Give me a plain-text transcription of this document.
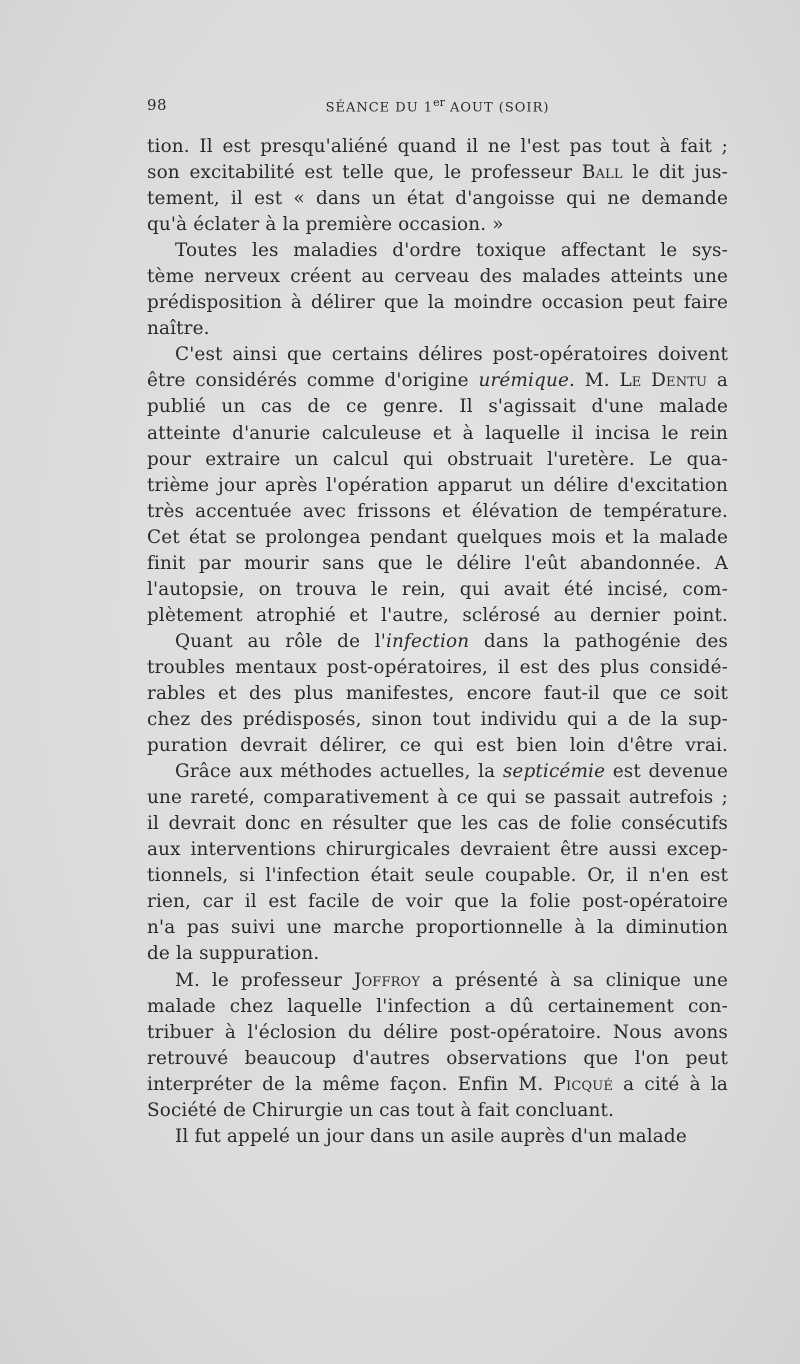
98	SÉANCE DU 1er AOUT (SOIR)
tion. Il est presqu'aliéné quand il ne l'est pas tout à fait ;
son excitabilité est telle que, le professeur Ball le dit jus-
tement, il est « dans un état d'angoisse qui ne demande
qu'à éclater à la première occasion. »
Toutes les maladies d'ordre toxique affectant le sys-
tème nerveux créent au cerveau des malades atteints une
prédisposition à délirer que la moindre occasion peut faire
naître.
C'est ainsi que certains délires post-opératoires doivent
être considérés comme d'origine urémique. M. Le Dentu a
publié un cas de ce genre. Il s'agissait d'une malade
atteinte d'anurie calculeuse et à laquelle il incisa le rein
pour extraire un calcul qui obstruait l'uretère. Le qua-
trième jour après l'opération apparut un délire d'excitation
très accentuée avec frissons et élévation de température.
Cet état se prolongea pendant quelques mois et la malade
finit par mourir sans que le délire l'eût abandonnée. A
l'autopsie, on trouva le rein, qui avait été incisé, com-
plètement atrophié et l'autre, sclérosé au dernier point.
Quant au rôle de l'infection dans la pathogénie des
troubles mentaux post-opératoires, il est des plus considé-
rables et des plus manifestes, encore faut-il que ce soit
chez des prédisposés, sinon tout individu qui a de la sup-
puration devrait délirer, ce qui est bien loin d'être vrai.
Grâce aux méthodes actuelles, la septicémie est devenue
une rareté, comparativement à ce qui se passait autrefois ;
il devrait donc en résulter que les cas de folie consécutifs
aux interventions chirurgicales devraient être aussi excep-
tionnels, si l'infection était seule coupable. Or, il n'en est
rien, car il est facile de voir que la folie post-opératoire
n'a pas suivi une marche proportionnelle à la diminution
de la suppuration.
M. le professeur Joffroy a présenté à sa clinique une
malade chez laquelle l'infection a dû certainement con-
tribuer à l'éclosion du délire post-opératoire. Nous avons
retrouvé beaucoup d'autres observations que l'on peut
interpréter de la même façon. Enfin M. Picqué a cité à la
Société de Chirurgie un cas tout à fait concluant.
Il fut appelé un jour dans un asile auprès d'un malade
